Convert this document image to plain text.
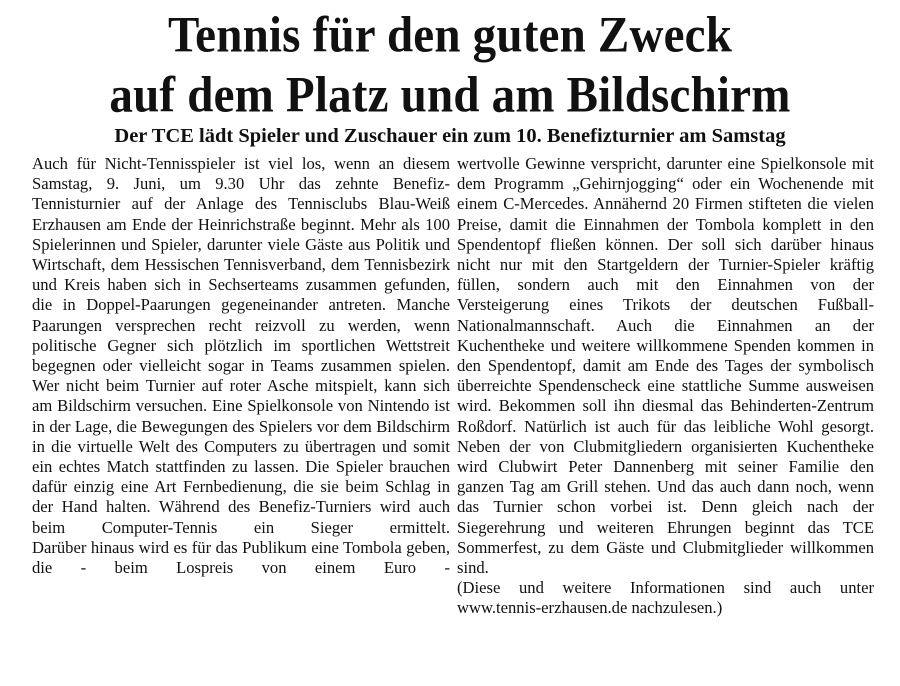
Tennis für den guten Zweck
auf dem Platz und am Bildschirm
Der TCE lädt Spieler und Zuschauer ein zum 10. Benefizturnier am Samstag

Auch für Nicht-Tennisspieler ist viel los, wenn an diesem Samstag, 9. Juni, um 9.30 Uhr das zehnte Benefiz-Tennisturnier auf der Anlage des Tennisclubs Blau-Weiß Erzhausen am Ende der Heinrichstraße beginnt. Mehr als 100 Spielerinnen und Spieler, darunter viele Gäste aus Politik und Wirtschaft, dem Hessischen Tennisverband, dem Tennisbezirk und Kreis haben sich in Sechserteams zusammen gefunden, die in Doppel-Paarungen gegeneinander antreten. Manche Paarungen versprechen recht reizvoll zu werden, wenn politische Gegner sich plötzlich im sportlichen Wettstreit begegnen oder vielleicht sogar in Teams zusammen spielen.

Wer nicht beim Turnier auf roter Asche mitspielt, kann sich am Bildschirm versuchen. Eine Spielkonsole von Nintendo ist in der Lage, die Bewegungen des Spielers vor dem Bildschirm in die virtuelle Welt des Computers zu übertragen und somit ein echtes Match stattfinden zu lassen. Die Spieler brauchen dafür einzig eine Art Fernbedienung, die sie beim Schlag in der Hand halten. Während des Benefiz-Turniers wird auch beim Computer-Tennis ein Sieger ermittelt.

Darüber hinaus wird es für das Publikum eine Tombola geben, die - beim Lospreis von einem Euro -

wertvolle Gewinne verspricht, darunter eine Spielkonsole mit dem Programm „Gehirnjogging“ oder ein Wochenende mit einem C-Mercedes. Annähernd 20 Firmen stifteten die vielen Preise, damit die Einnahmen der Tombola komplett in den Spendentopf fließen können. Der soll sich darüber hinaus nicht nur mit den Startgeldern der Turnier-Spieler kräftig füllen, sondern auch mit den Einnahmen von der Versteigerung eines Trikots der deutschen Fußball-Nationalmannschaft. Auch die Einnahmen an der Kuchentheke und weitere willkommene Spenden kommen in den Spendentopf, damit am Ende des Tages der symbolisch überreichte Spendenscheck eine stattliche Summe ausweisen wird. Bekommen soll ihn diesmal das Behinderten-Zentrum Roßdorf. Natürlich ist auch für das leibliche Wohl gesorgt. Neben der von Clubmitgliedern organisierten Kuchentheke wird Clubwirt Peter Dannenberg mit seiner Familie den ganzen Tag am Grill stehen. Und das auch dann noch, wenn das Turnier schon vorbei ist. Denn gleich nach der Siegerehrung und weiteren Ehrungen beginnt das TCE Sommerfest, zu dem Gäste und Clubmitglieder willkommen sind.

(Diese und weitere Informationen sind auch unter www.tennis-erzhausen.de nachzulesen.)
